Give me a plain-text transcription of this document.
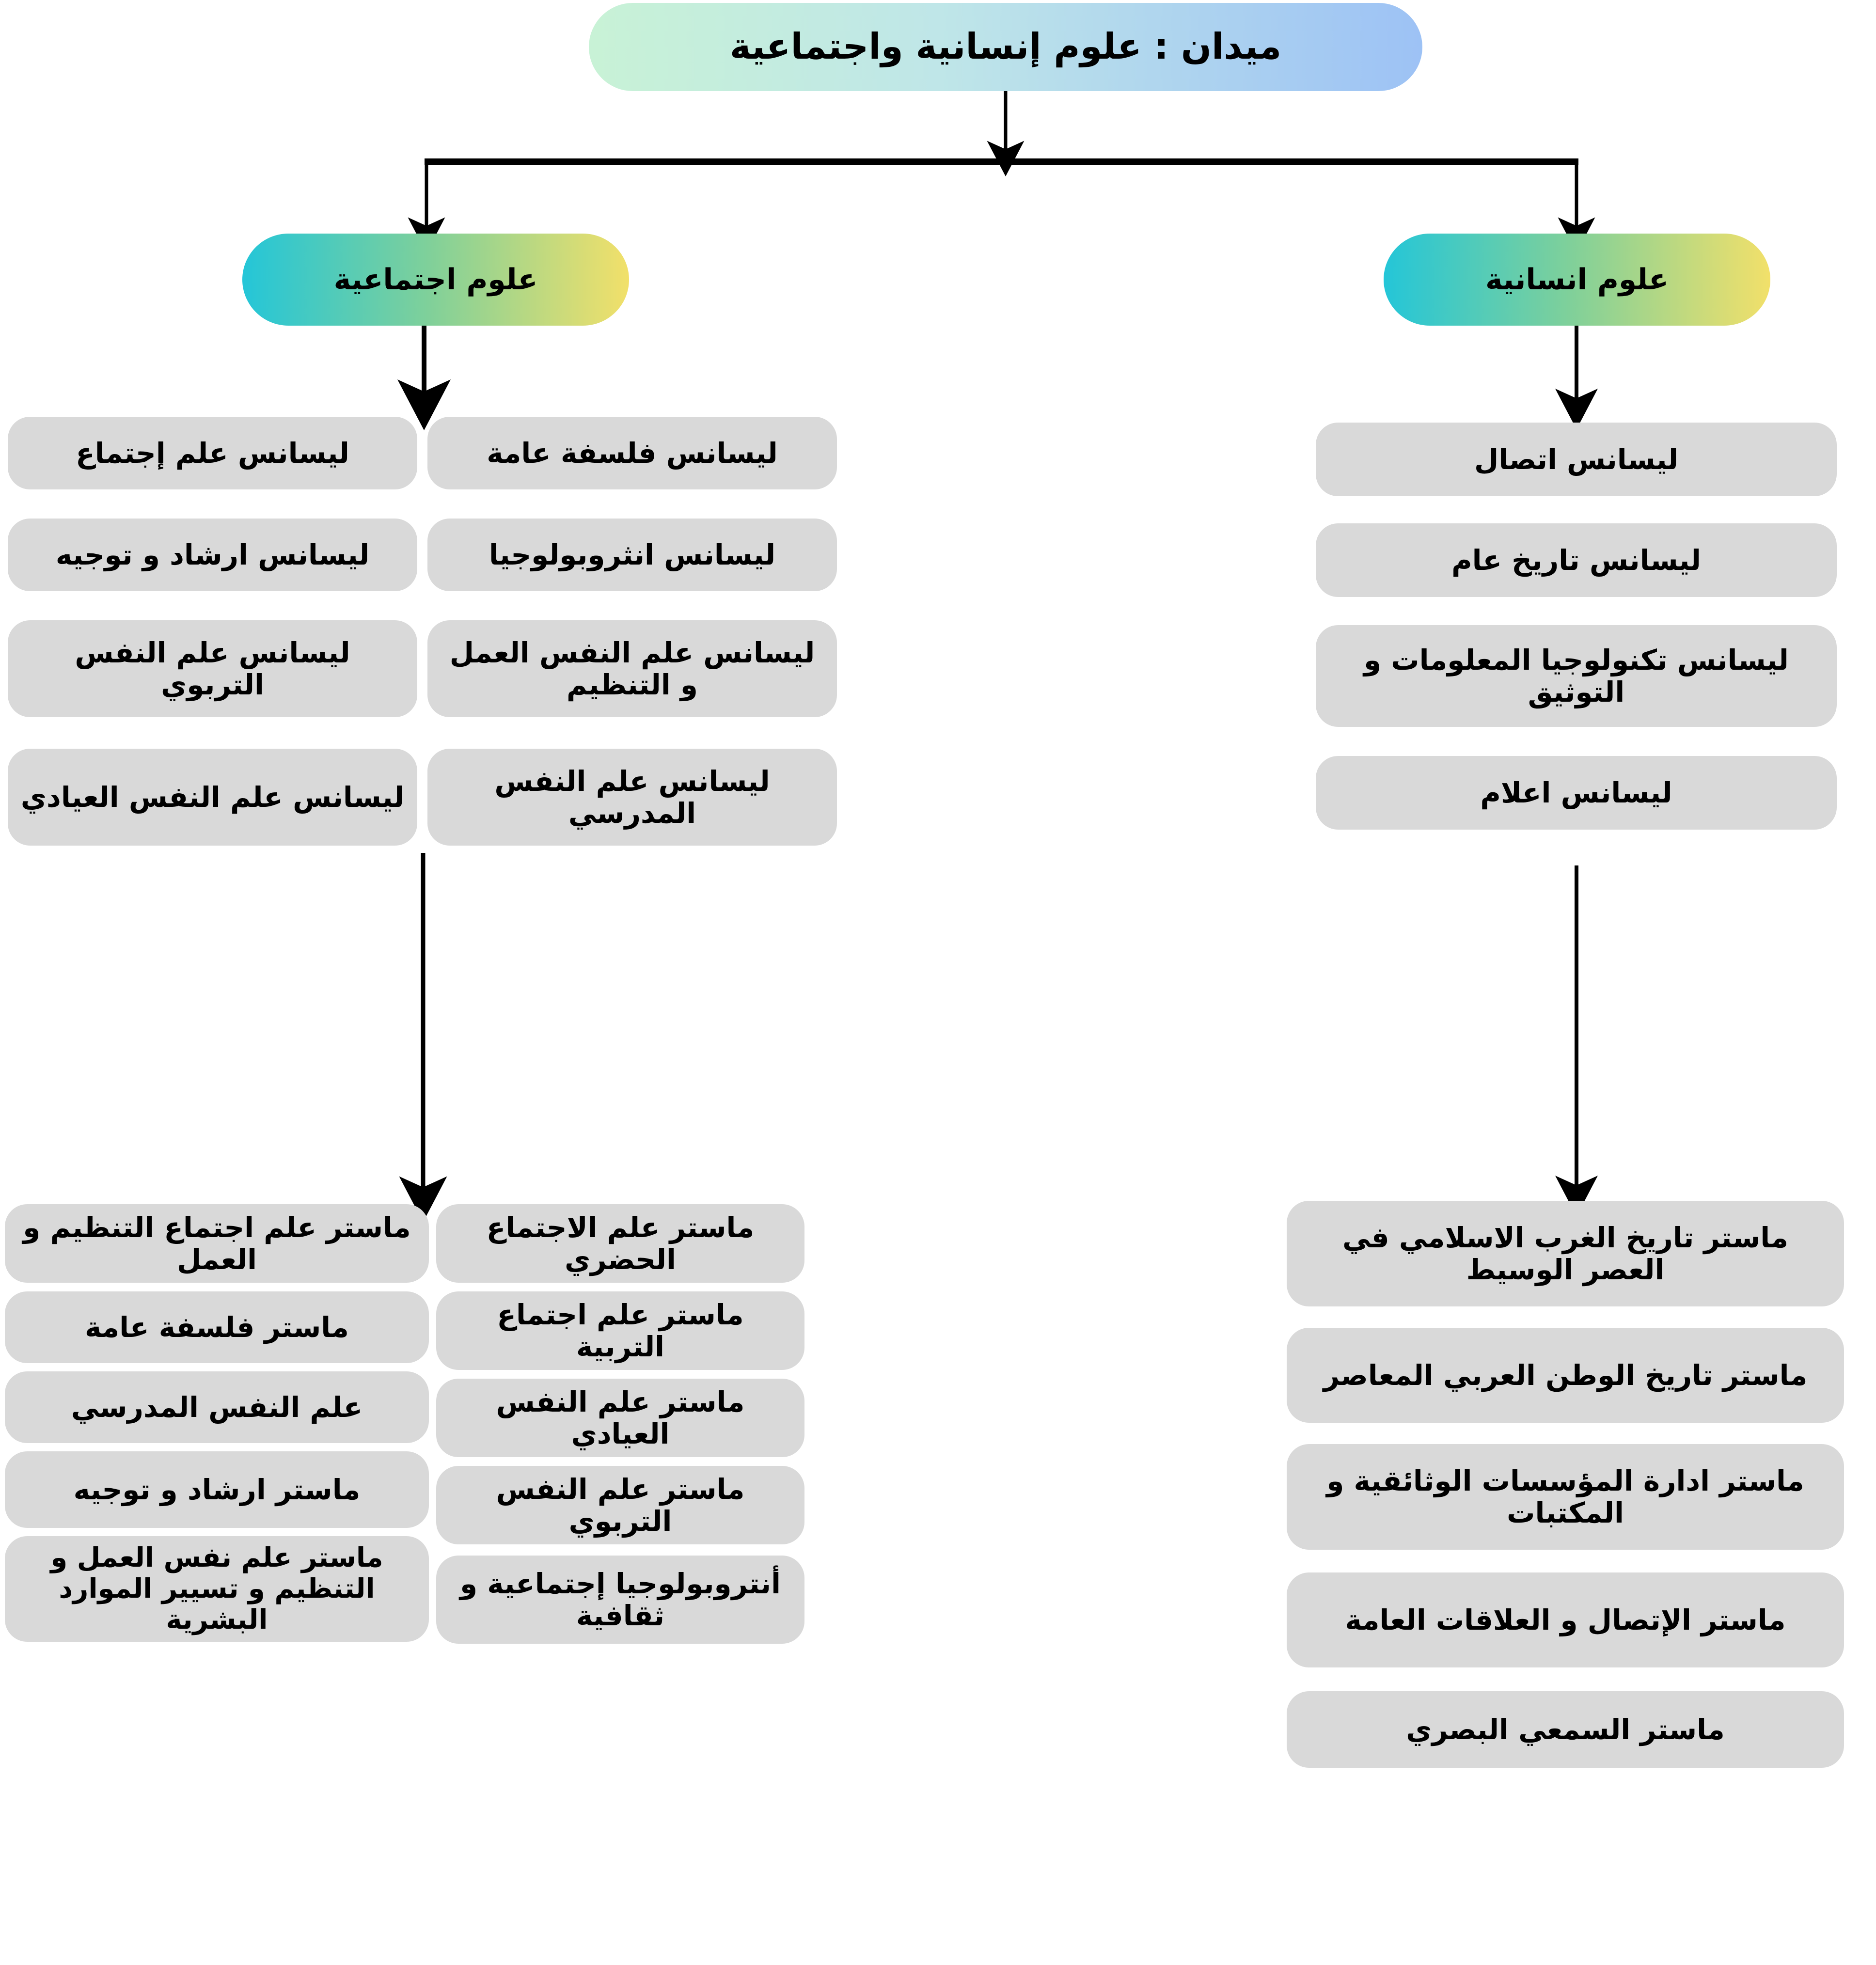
ميدان : علوم إنسانية واجتماعية
علوم اجتماعية	علوم انسانية
ليسانس علم إجتماع
ليسانس ارشاد و توجيه
ليسانس علم النفس التربوي
ليسانس علم النفس العيادي
ليسانس فلسفة عامة
ليسانس انثروبولوجيا
ليسانس علم النفس العمل و التنظيم
ليسانس علم النفس المدرسي
ليسانس اتصال
ليسانس تاريخ عام
ليسانس تكنولوجيا المعلومات و التوثيق
ليسانس اعلام
ماستر علم اجتماع التنظيم و العمل
ماستر فلسفة عامة
علم النفس المدرسي
ماستر ارشاد و توجيه
ماستر علم نفس العمل و التنظيم و تسيير الموارد البشرية
ماستر علم الاجتماع الحضري
ماستر علم اجتماع التربية
ماستر علم النفس العيادي
ماستر علم النفس التربوي
أنتروبولوجيا إجتماعية و ثقافية
ماستر تاريخ الغرب الاسلامي في العصر الوسيط
ماستر تاريخ الوطن العربي المعاصر
ماستر ادارة المؤسسات الوثائقية و المكتبات
ماستر الإتصال و العلاقات العامة
ماستر السمعي البصري
